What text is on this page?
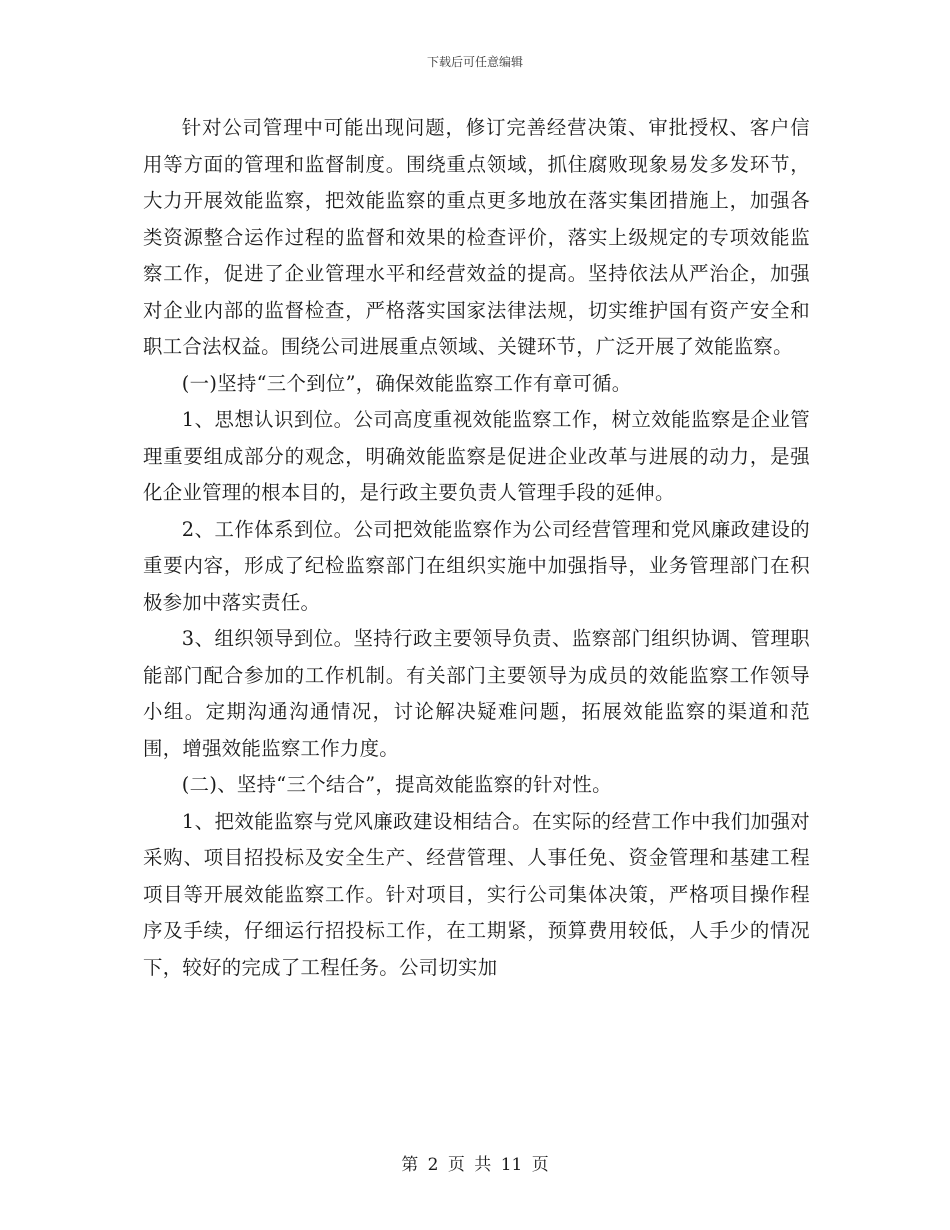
下载后可任意编辑

针对公司管理中可能出现问题，修订完善经营决策、审批授权、客户信用等方面的管理和监督制度。围绕重点领域，抓住腐败现象易发多发环节，大力开展效能监察，把效能监察的重点更多地放在落实集团措施上，加强各类资源整合运作过程的监督和效果的检查评价，落实上级规定的专项效能监察工作，促进了企业管理水平和经营效益的提高。坚持依法从严治企，加强对企业内部的监督检查，严格落实国家法律法规，切实维护国有资产安全和职工合法权益。围绕公司进展重点领域、关键环节，广泛开展了效能监察。

(一)坚持“三个到位”，确保效能监察工作有章可循。

1、思想认识到位。公司高度重视效能监察工作，树立效能监察是企业管理重要组成部分的观念，明确效能监察是促进企业改革与进展的动力，是强化企业管理的根本目的，是行政主要负责人管理手段的延伸。

2、工作体系到位。公司把效能监察作为公司经营管理和党风廉政建设的重要内容，形成了纪检监察部门在组织实施中加强指导，业务管理部门在积极参加中落实责任。

3、组织领导到位。坚持行政主要领导负责、监察部门组织协调、管理职能部门配合参加的工作机制。有关部门主要领导为成员的效能监察工作领导小组。定期沟通沟通情况，讨论解决疑难问题，拓展效能监察的渠道和范围，增强效能监察工作力度。

(二)、坚持“三个结合”，提高效能监察的针对性。

1、把效能监察与党风廉政建设相结合。在实际的经营工作中我们加强对采购、项目招投标及安全生产、经营管理、人事任免、资金管理和基建工程项目等开展效能监察工作。针对项目，实行公司集体决策，严格项目操作程序及手续，仔细运行招投标工作，在工期紧，预算费用较低，人手少的情况下，较好的完成了工程任务。公司切实加

第 2 页 共 11 页
